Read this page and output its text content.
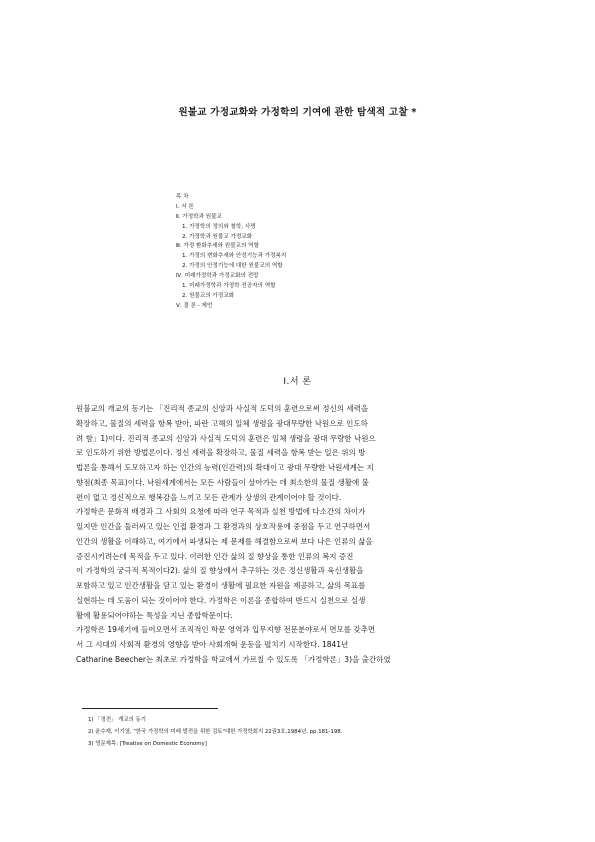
원불교 가정교화와 가정학의 기여에 관한 탐색적 고찰 *
목 차
Ⅰ. 서 론
Ⅱ. 가정학과 원불교
1. 가정학의 정의와 철학, 사명
2. 가정학과 원불교 가정교화
Ⅲ. 가정 환화추세와 원불교의 역할
1. 가정의 변화추세와 안정기능과 가정복지
2. 가정의 안정기능에 대한 원불교의 역할
Ⅳ. 미래가정학과 가정교화의 전망
1. 미래가정학과 가정학 전공자의 역할
2. 원불교의 가정교화
Ⅴ. 결 론 - 제언
Ⅰ.서 론
원불교의 개교의 동기는 「진리적 종교의 신앙과 사실적 도덕의 훈련으로써 정신의 세력을
확장하고, 물질의 세력을 항복 받아, 파란 고해의 일체 생령을 광대무량한 낙원으로 인도하
려 함」1)이다. 진리적 종교의 신앙과 사실적 도덕의 훈련은 일체 생령을 광대 무량한 낙원으
로 인도하기 위한 방법론이다. 정신 세력을 확장하고, 물질 세력을 항복 받는 일은 위의 방
법론을 통해서 도모하고자 하는 인간의 능력(인간력)의 확대이고 광대 무량한 낙원세계는 지
향점(최종 목표)이다. 낙원세계에서는 모든 사람들이 살아가는 데 최소한의 물질 생활에 불
편이 없고 정신적으로 행복감을 느끼고 모든 관계가 상생의 관계이어야 할 것이다.
가정학은 문화적 배경과 그 사회의 요청에 따라 연구 목적과 실천 방법에 다소간의 차이가
있지만 인간을 둘러싸고 있는 인접 환경과 그 환경과의 상호작용에 중점을 두고 연구하면서
인간의 생활을 이해하고, 여기에서 파생되는 제 문제를 해결함으로써 보다 나은 인류의 삶을
증진시키려는데 목적을 두고 있다. 이러한 인간 삶의 질 향상을 통한 인류의 복지 증진
이 가정학의 궁극적 목적이다2). 삶의 질 향상에서 추구하는 것은 정신생활과 육신생활을
포함하고 있고 인간생활을 담고 있는 환경이 생활에 필요한 자원을 제공하고, 삶의 목표를
실현하는 데 도움이 되는 것이어야 한다. 가정학은 이론을 종합하여 반드시 실천으로 실생
활에 활용되어야하는 특성을 지닌 종합학문이다.
가정학은 19세기에 들어오면서 조직적인 학문 영역과 입무지향 전문분야로서 면모를 갖추면
서 그 시대의 사회적 환경의 영향을 받아 사회개혁 운동을 펼치기 시작한다. 1841년
Catharine Beecher는 최초로 가정학을 학교에서 가르칠 수 있도록 「가정학론」3)을 출간하였
1) 「정전」 개교의 동기
2) 윤수재, 이기열, "한국 가정학의 미래 발전을 위한 검토"대한 가정학회지 22권3호,1984년, pp.181-198.
3) 영문제목: [Treatise on Domestic Economy]
